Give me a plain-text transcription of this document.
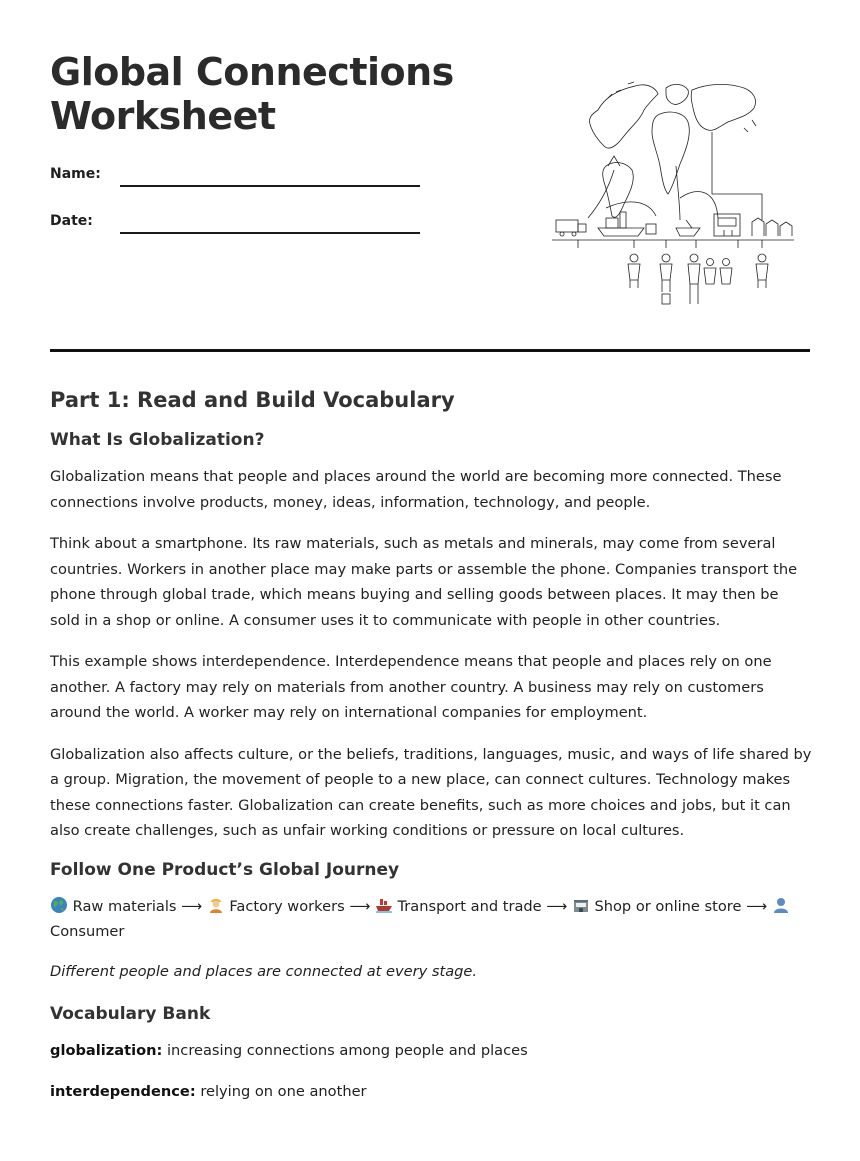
Global Connections
Worksheet
Name:
Date:
Part 1: Read and Build Vocabulary
What Is Globalization?

Globalization means that people and places around the world are becoming more connected. These connections involve products, money, ideas, information, technology, and people.

Think about a smartphone. Its raw materials, such as metals and minerals, may come from several countries. Workers in another place may make parts or assemble the phone. Companies transport the phone through global trade, which means buying and selling goods between places. It may then be sold in a shop or online. A consumer uses it to communicate with people in other countries.

This example shows interdependence. Interdependence means that people and places rely on one another. A factory may rely on materials from another country. A business may rely on customers around the world. A worker may rely on international companies for employment.

Globalization also affects culture, or the beliefs, traditions, languages, music, and ways of life shared by a group. Migration, the movement of people to a new place, can connect cultures. Technology makes these connections faster. Globalization can create benefits, such as more choices and jobs, but it can also create challenges, such as unfair working conditions or pressure on local cultures.

Follow One Product’s Global Journey

Raw materials ⟶ Factory workers ⟶ Transport and trade ⟶ Shop or online store ⟶  Consumer

Different people and places are connected at every stage.

Vocabulary Bank
globalization: increasing connections among people and places
interdependence: relying on one another
